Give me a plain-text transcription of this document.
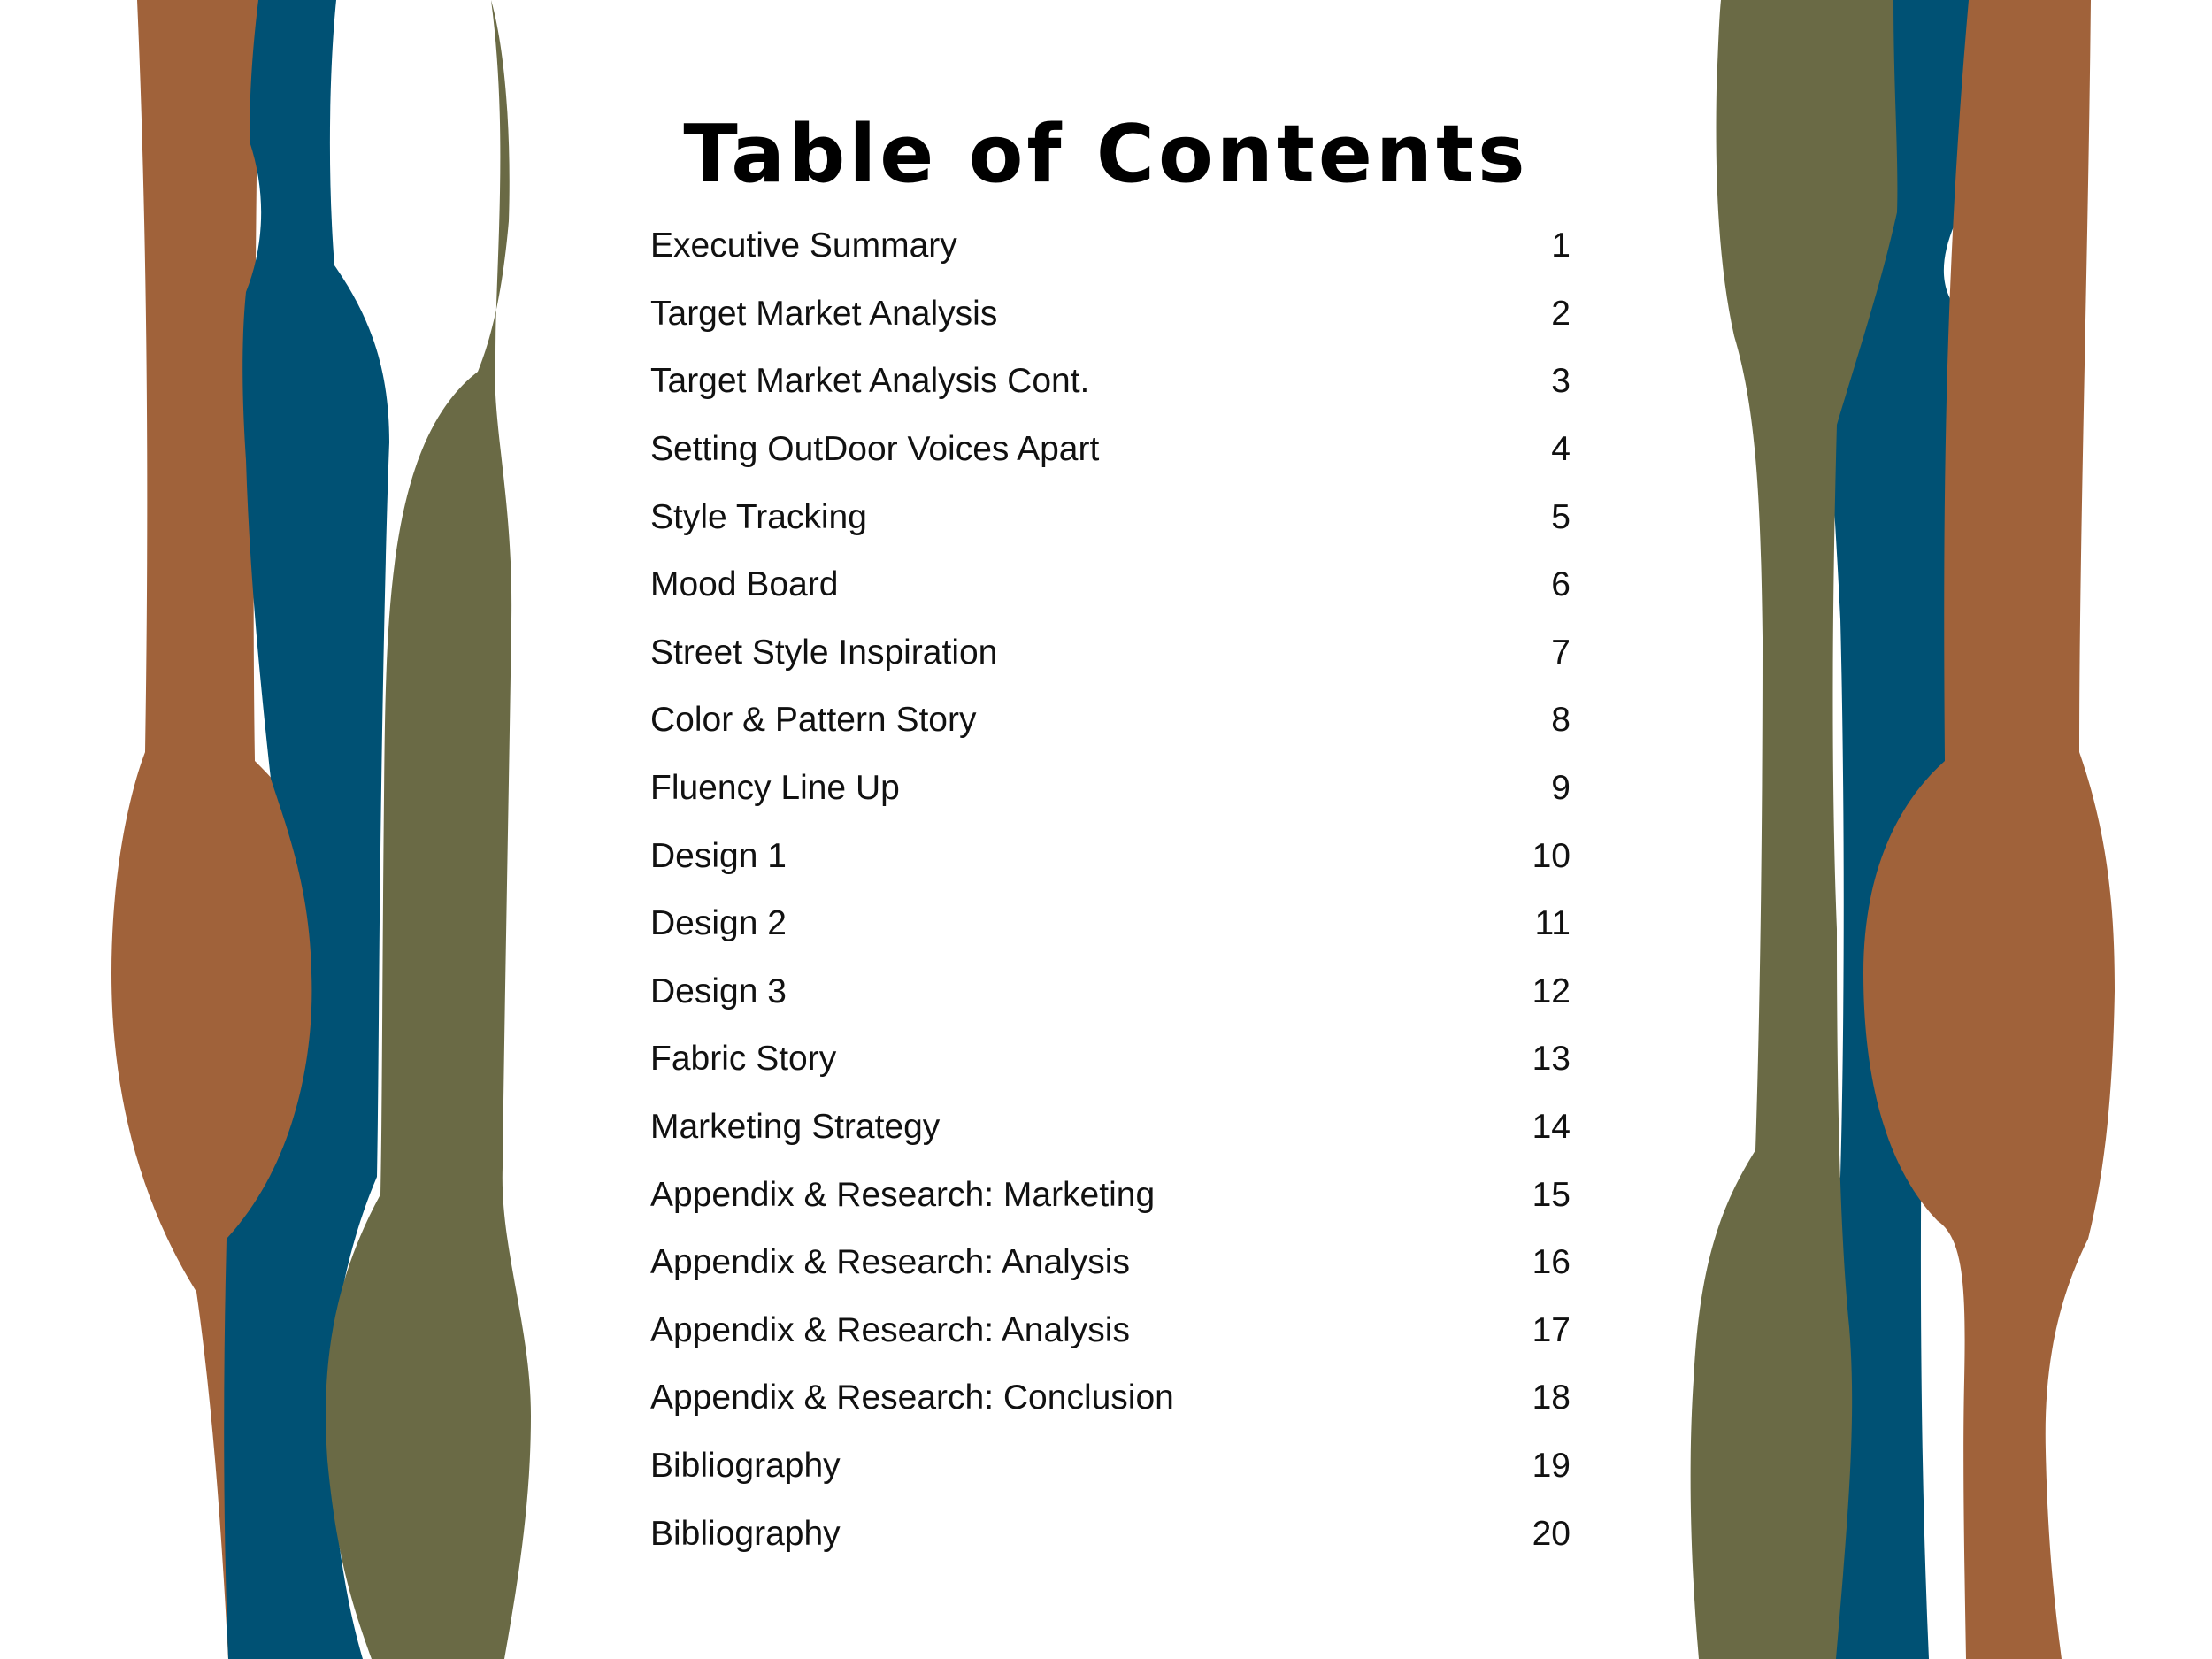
Table of Contents
Executive Summary	1
Target Market Analysis	2
Target Market Analysis Cont.	3
Setting OutDoor Voices Apart	4
Style Tracking	5
Mood Board	6
Street Style Inspiration	7
Color & Pattern Story	8
Fluency Line Up	9
Design 1	10
Design 2	11
Design 3	12
Fabric Story	13
Marketing Strategy	14
Appendix & Research: Marketing	15
Appendix & Research: Analysis	16
Appendix & Research: Analysis	17
Appendix & Research: Conclusion	18
Bibliography	19
Bibliography	20
